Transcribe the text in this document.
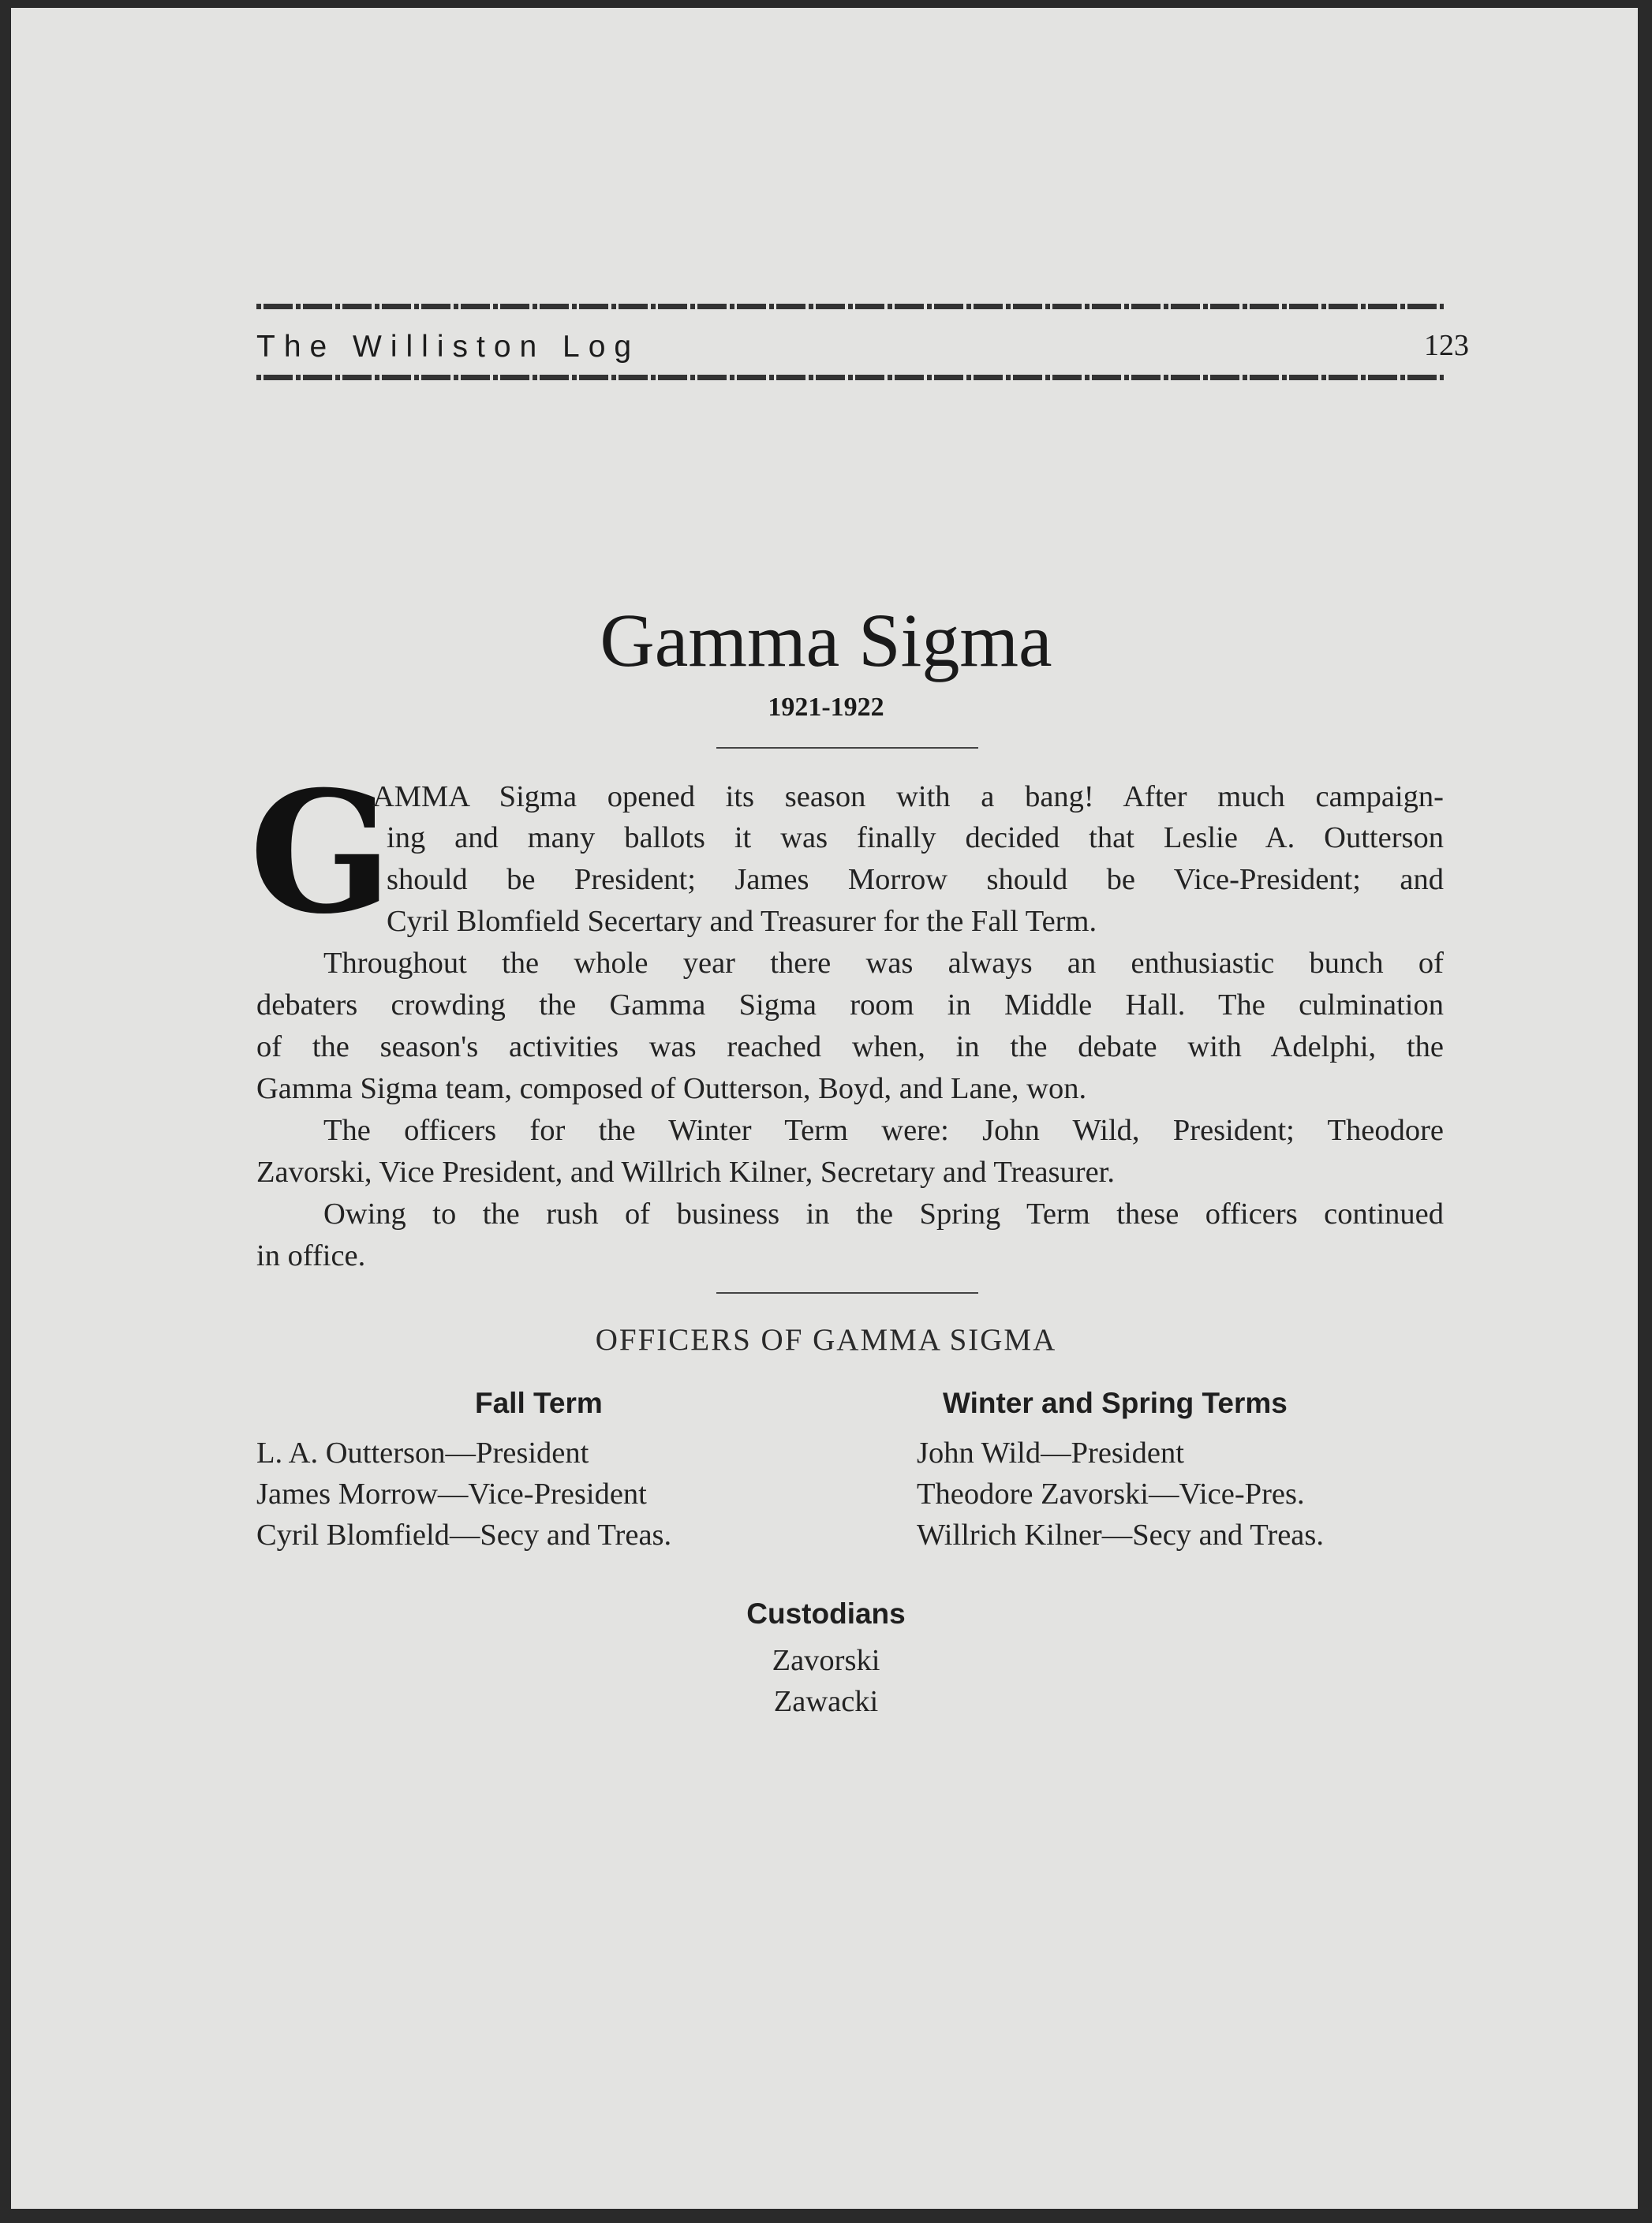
The Williston Log	123
Gamma Sigma
1921-1922
G
AMMA Sigma opened its season with a bang! After much campaign-
ing and many ballots it was finally decided that Leslie A. Outterson
should be President; James Morrow should be Vice-President; and
Cyril Blomfield Secertary and Treasurer for the Fall Term.
Throughout the whole year there was always an enthusiastic bunch of
debaters crowding the Gamma Sigma room in Middle Hall. The culmination
of the season's activities was reached when, in the debate with Adelphi, the
Gamma Sigma team, composed of Outterson, Boyd, and Lane, won.
The officers for the Winter Term were: John Wild, President; Theodore
Zavorski, Vice President, and Willrich Kilner, Secretary and Treasurer.
Owing to the rush of business in the Spring Term these officers continued
in office.
OFFICERS OF GAMMA SIGMA
Fall Term
L. A. Outterson—President
James Morrow—Vice-President
Cyril Blomfield—Secy and Treas.
Winter and Spring Terms
John Wild—President
Theodore Zavorski—Vice-Pres.
Willrich Kilner—Secy and Treas.
Custodians
Zavorski
Zawacki
